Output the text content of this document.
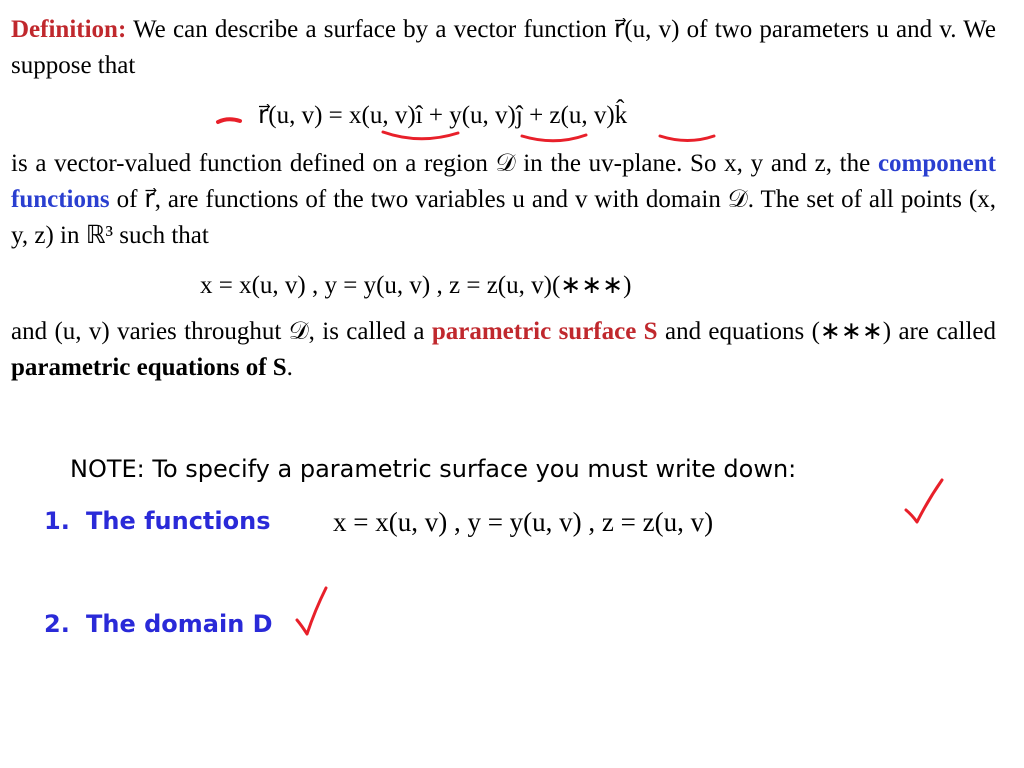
Definition: We can describe a surface by a vector function r⃗(u, v) of two parameters u and v. We suppose that
r⃗(u, v) = x(u, v)î + y(u, v)ĵ + z(u, v)k̂
is a vector-valued function defined on a region 𝒟 in the uv-plane. So x, y and z, the component functions of r⃗, are functions of the two variables u and v with domain 𝒟. The set of all points (x, y, z) in ℝ³ such that
x = x(u, v) , y = y(u, v) , z = z(u, v)(∗∗∗)
and (u, v) varies throughut 𝒟, is called a parametric surface S and equations (∗∗∗) are called parametric equations of S.
NOTE: To specify a parametric surface you must write down:
1. The functions x = x(u, v) , y = y(u, v) , z = z(u, v)
2. The domain D
